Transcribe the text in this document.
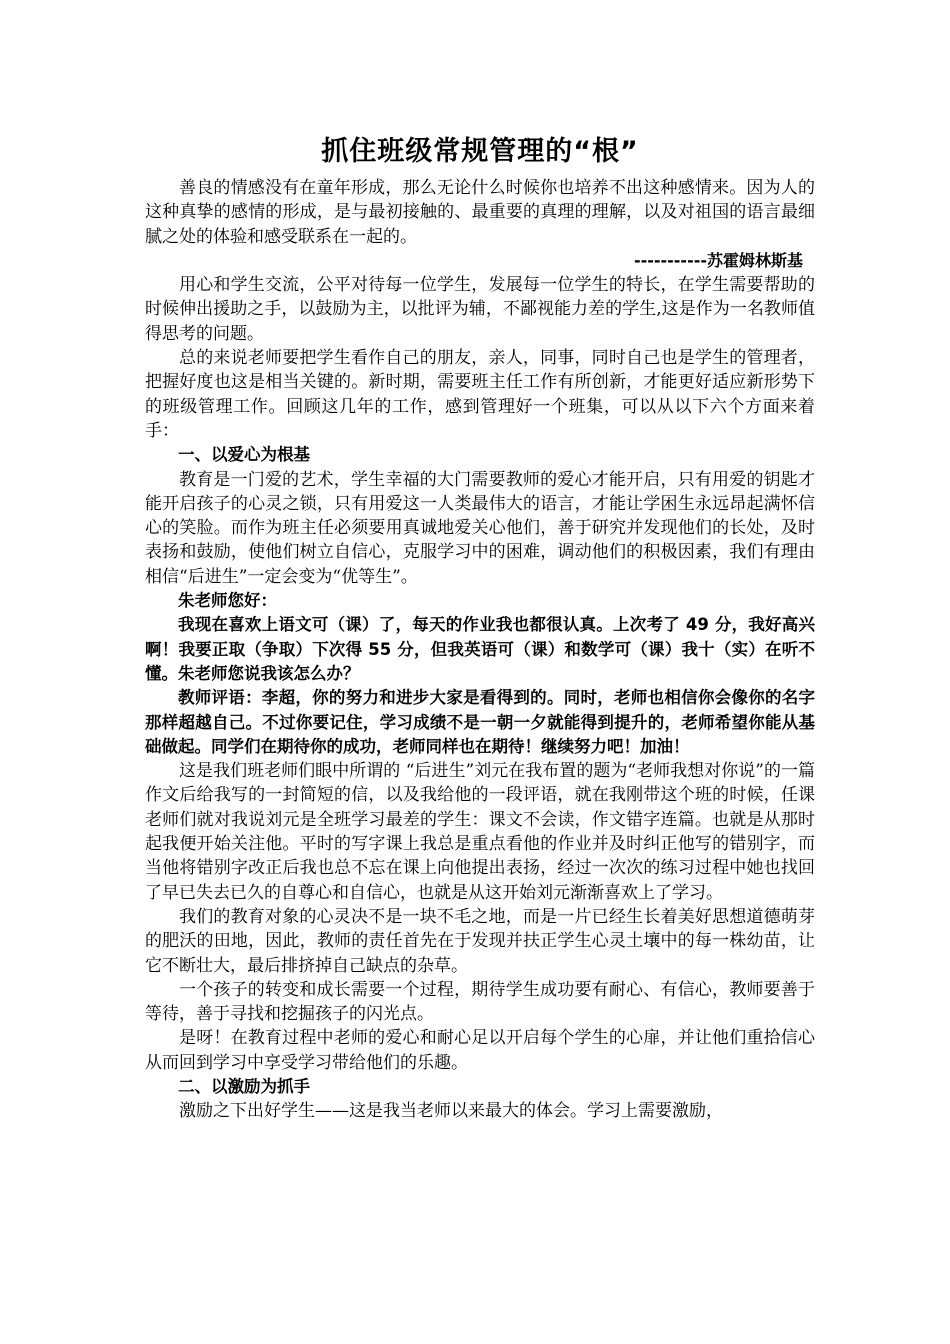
抓住班级常规管理的“根”

善良的情感没有在童年形成，那么无论什么时候你也培养不出这种感情来。因为人的这种真挚的感情的形成，是与最初接触的、最重要的真理的理解，以及对祖国的语言最细腻之处的体验和感受联系在一起的。

-----------苏霍姆林斯基

用心和学生交流，公平对待每一位学生，发展每一位学生的特长，在学生需要帮助的时候伸出援助之手，以鼓励为主，以批评为辅，不鄙视能力差的学生,这是作为一名教师值得思考的问题。

总的来说老师要把学生看作自己的朋友，亲人，同事，同时自己也是学生的管理者，把握好度也这是相当关键的。新时期，需要班主任工作有所创新，才能更好适应新形势下的班级管理工作。回顾这几年的工作，感到管理好一个班集，可以从以下六个方面来着手：

一、以爱心为根基

教育是一门爱的艺术，学生幸福的大门需要教师的爱心才能开启，只有用爱的钥匙才能开启孩子的心灵之锁，只有用爱这一人类最伟大的语言，才能让学困生永远昂起满怀信心的笑脸。而作为班主任必须要用真诚地爱关心他们，善于研究并发现他们的长处，及时表扬和鼓励，使他们树立自信心，克服学习中的困难，调动他们的积极因素，我们有理由相信“后进生”一定会变为“优等生”。

朱老师您好：

我现在喜欢上语文可（课）了，每天的作业我也都很认真。上次考了 49 分，我好高兴啊！我要正取（争取）下次得 55 分，但我英语可（课）和数学可（课）我十（实）在听不懂。朱老师您说我该怎么办？

教师评语：李超，你的努力和进步大家是看得到的。同时，老师也相信你会像你的名字那样超越自己。不过你要记住，学习成绩不是一朝一夕就能得到提升的，老师希望你能从基础做起。同学们在期待你的成功，老师同样也在期待！继续努力吧！加油！

这是我们班老师们眼中所谓的 “后进生”刘元在我布置的题为“老师我想对你说”的一篇作文后给我写的一封简短的信，以及我给他的一段评语，就在我刚带这个班的时候，任课老师们就对我说刘元是全班学习最差的学生：课文不会读，作文错字连篇。也就是从那时起我便开始关注他。平时的写字课上我总是重点看他的作业并及时纠正他写的错别字，而当他将错别字改正后我也总不忘在课上向他提出表扬，经过一次次的练习过程中她也找回了早已失去已久的自尊心和自信心，也就是从这开始刘元渐渐喜欢上了学习。

我们的教育对象的心灵决不是一块不毛之地，而是一片已经生长着美好思想道德萌芽的肥沃的田地，因此，教师的责任首先在于发现并扶正学生心灵土壤中的每一株幼苗，让它不断壮大，最后排挤掉自己缺点的杂草。

一个孩子的转变和成长需要一个过程，期待学生成功要有耐心、有信心，教师要善于等待，善于寻找和挖掘孩子的闪光点。

是呀！在教育过程中老师的爱心和耐心足以开启每个学生的心扉，并让他们重拾信心从而回到学习中享受学习带给他们的乐趣。

二、以激励为抓手

激励之下出好学生——这是我当老师以来最大的体会。学习上需要激励，
